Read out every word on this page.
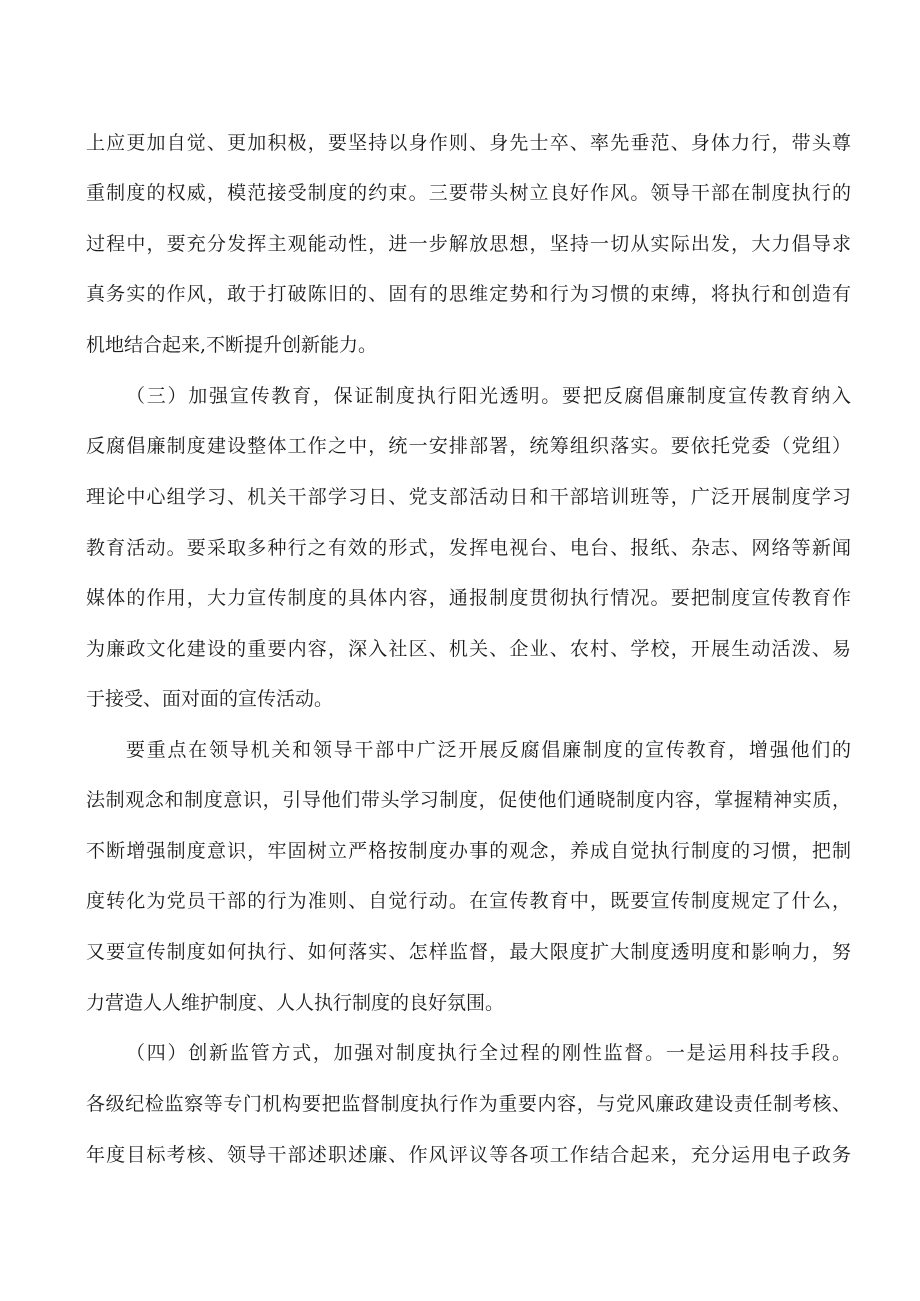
上应更加自觉、更加积极，要坚持以身作则、身先士卒、率先垂范、身体力行，带头尊
重制度的权威，模范接受制度的约束。三要带头树立良好作风。领导干部在制度执行的
过程中，要充分发挥主观能动性，进一步解放思想，坚持一切从实际出发，大力倡导求
真务实的作风，敢于打破陈旧的、固有的思维定势和行为习惯的束缚，将执行和创造有
机地结合起来,不断提升创新能力。
（三）加强宣传教育，保证制度执行阳光透明。要把反腐倡廉制度宣传教育纳入
反腐倡廉制度建设整体工作之中，统一安排部署，统筹组织落实。要依托党委（党组）
理论中心组学习、机关干部学习日、党支部活动日和干部培训班等，广泛开展制度学习
教育活动。要采取多种行之有效的形式，发挥电视台、电台、报纸、杂志、网络等新闻
媒体的作用，大力宣传制度的具体内容，通报制度贯彻执行情况。要把制度宣传教育作
为廉政文化建设的重要内容，深入社区、机关、企业、农村、学校，开展生动活泼、易
于接受、面对面的宣传活动。
要重点在领导机关和领导干部中广泛开展反腐倡廉制度的宣传教育，增强他们的
法制观念和制度意识，引导他们带头学习制度，促使他们通晓制度内容，掌握精神实质，
不断增强制度意识，牢固树立严格按制度办事的观念，养成自觉执行制度的习惯，把制
度转化为党员干部的行为准则、自觉行动。在宣传教育中，既要宣传制度规定了什么，
又要宣传制度如何执行、如何落实、怎样监督，最大限度扩大制度透明度和影响力，努
力营造人人维护制度、人人执行制度的良好氛围。
（四）创新监管方式，加强对制度执行全过程的刚性监督。一是运用科技手段。
各级纪检监察等专门机构要把监督制度执行作为重要内容，与党风廉政建设责任制考核、
年度目标考核、领导干部述职述廉、作风评议等各项工作结合起来，充分运用电子政务
